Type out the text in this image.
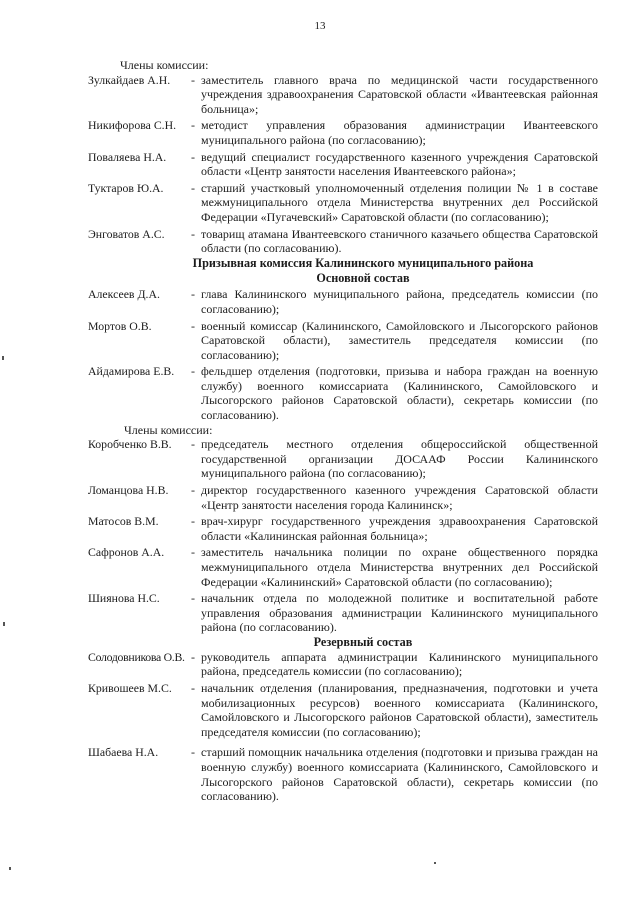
13
Члены комиссии:
Зулкайдаев А.Н.	- заместитель главного врача по медицинской части государственного учреждения здравоохранения Саратовской области «Ивантеевская районная больница»;
Никифорова С.Н.	- методист управления образования администрации Ивантеевского муниципального района (по согласованию);
Поваляева Н.А.	- ведущий специалист государственного казенного учреждения Саратовской области «Центр занятости населения Ивантеевского района»;
Туктаров Ю.А.	- старший участковый уполномоченный отделения полиции № 1 в составе межмуниципального отдела Министерства внутренних дел Российской Федерации «Пугачевский» Саратовской области (по согласованию);
Энговатов А.С.	- товарищ атамана Ивантеевского станичного казачьего общества Саратовской области (по согласованию).
Призывная комиссия Калининского муниципального района
Основной состав
Алексеев Д.А.	- глава Калининского муниципального района, председатель комиссии (по согласованию);
Мортов О.В.	- военный комиссар (Калининского, Самойловского и Лысогорского районов Саратовской области), заместитель председателя комиссии (по согласованию);
Айдамирова Е.В.	- фельдшер отделения (подготовки, призыва и набора граждан на военную службу) военного комиссариата (Калининского, Самойловского и Лысогорского районов Саратовской области), секретарь комиссии (по согласованию).
Члены комиссии:
Коробченко В.В.	- председатель местного отделения общероссийской общественной государственной организации ДОСААФ России Калининского муниципального района (по согласованию);
Ломанцова Н.В.	- директор государственного казенного учреждения Саратовской области «Центр занятости населения города Калининск»;
Матосов В.М.	- врач-хирург государственного учреждения здравоохранения Саратовской области «Калининская районная больница»;
Сафронов А.А.	- заместитель начальника полиции по охране общественного порядка межмуниципального отдела Министерства внутренних дел Российской Федерации «Калининский» Саратовской области (по согласованию);
Шиянова Н.С.	- начальник отдела по молодежной политике и воспитательной работе управления образования администрации Калининского муниципального района (по согласованию).
Резервный состав
Солодовникова О.В. - руководитель аппарата администрации Калининского муниципального района, председатель комиссии (по согласованию);
Кривошеев М.С.	- начальник отделения (планирования, предназначения, подготовки и учета мобилизационных ресурсов) военного комиссариата (Калининского, Самойловского и Лысогорского районов Саратовской области), заместитель председателя комиссии (по согласованию);
Шабаева Н.А.	- старший помощник начальника отделения (подготовки и призыва граждан на военную службу) военного комиссариата (Калининского, Самойловского и Лысогорского районов Саратовской области), секретарь комиссии (по согласованию).
